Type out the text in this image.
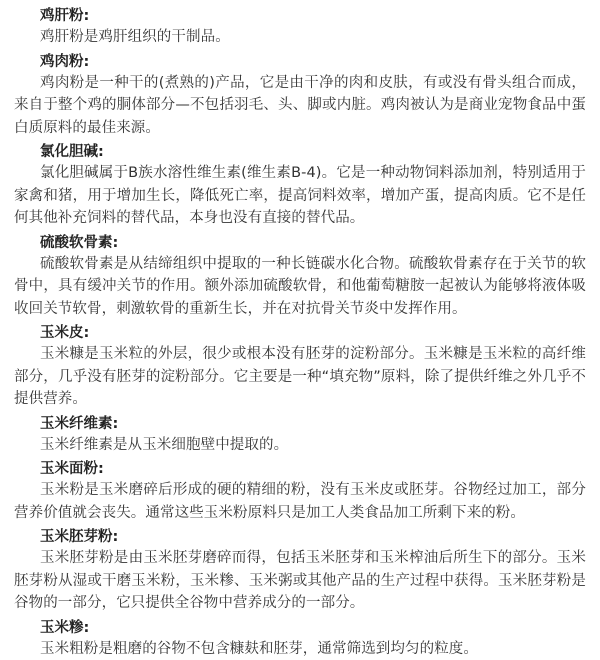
鸡肝粉:

鸡肝粉是鸡肝组织的干制品。

鸡肉粉:

鸡肉粉是一种干的(煮熟的)产品，它是由干净的肉和皮肤，有或没有骨头组合而成，来自于整个鸡的胴体部分—不包括羽毛、头、脚或内脏。鸡肉被认为是商业宠物食品中蛋白质原料的最佳来源。

氯化胆碱:

氯化胆碱属于B族水溶性维生素(维生素B-4)。它是一种动物饲料添加剂，特别适用于家禽和猪，用于增加生长，降低死亡率，提高饲料效率，增加产蛋，提高肉质。它不是任何其他补充饲料的替代品，本身也没有直接的替代品。

硫酸软骨素:

硫酸软骨素是从结缔组织中提取的一种长链碳水化合物。硫酸软骨素存在于关节的软骨中，具有缓冲关节的作用。额外添加硫酸软骨，和他葡萄糖胺一起被认为能够将液体吸收回关节软骨，刺激软骨的重新生长，并在对抗骨关节炎中发挥作用。

玉米皮:

玉米糠是玉米粒的外层，很少或根本没有胚芽的淀粉部分。玉米糠是玉米粒的高纤维部分，几乎没有胚芽的淀粉部分。它主要是一种“填充物”原料，除了提供纤维之外几乎不提供营养。

玉米纤维素:

玉米纤维素是从玉米细胞壁中提取的。

玉米面粉:

玉米粉是玉米磨碎后形成的硬的精细的粉，没有玉米皮或胚芽。谷物经过加工，部分营养价值就会丧失。通常这些玉米粉原料只是加工人类食品加工所剩下来的粉。

玉米胚芽粉:

玉米胚芽粉是由玉米胚芽磨碎而得，包括玉米胚芽和玉米榨油后所生下的部分。玉米胚芽粉从湿或干磨玉米粉，玉米糁、玉米粥或其他产品的生产过程中获得。玉米胚芽粉是谷物的一部分，它只提供全谷物中营养成分的一部分。

玉米糁:

玉米粗粉是粗磨的谷物不包含糠麸和胚芽，通常筛选到均匀的粒度。
